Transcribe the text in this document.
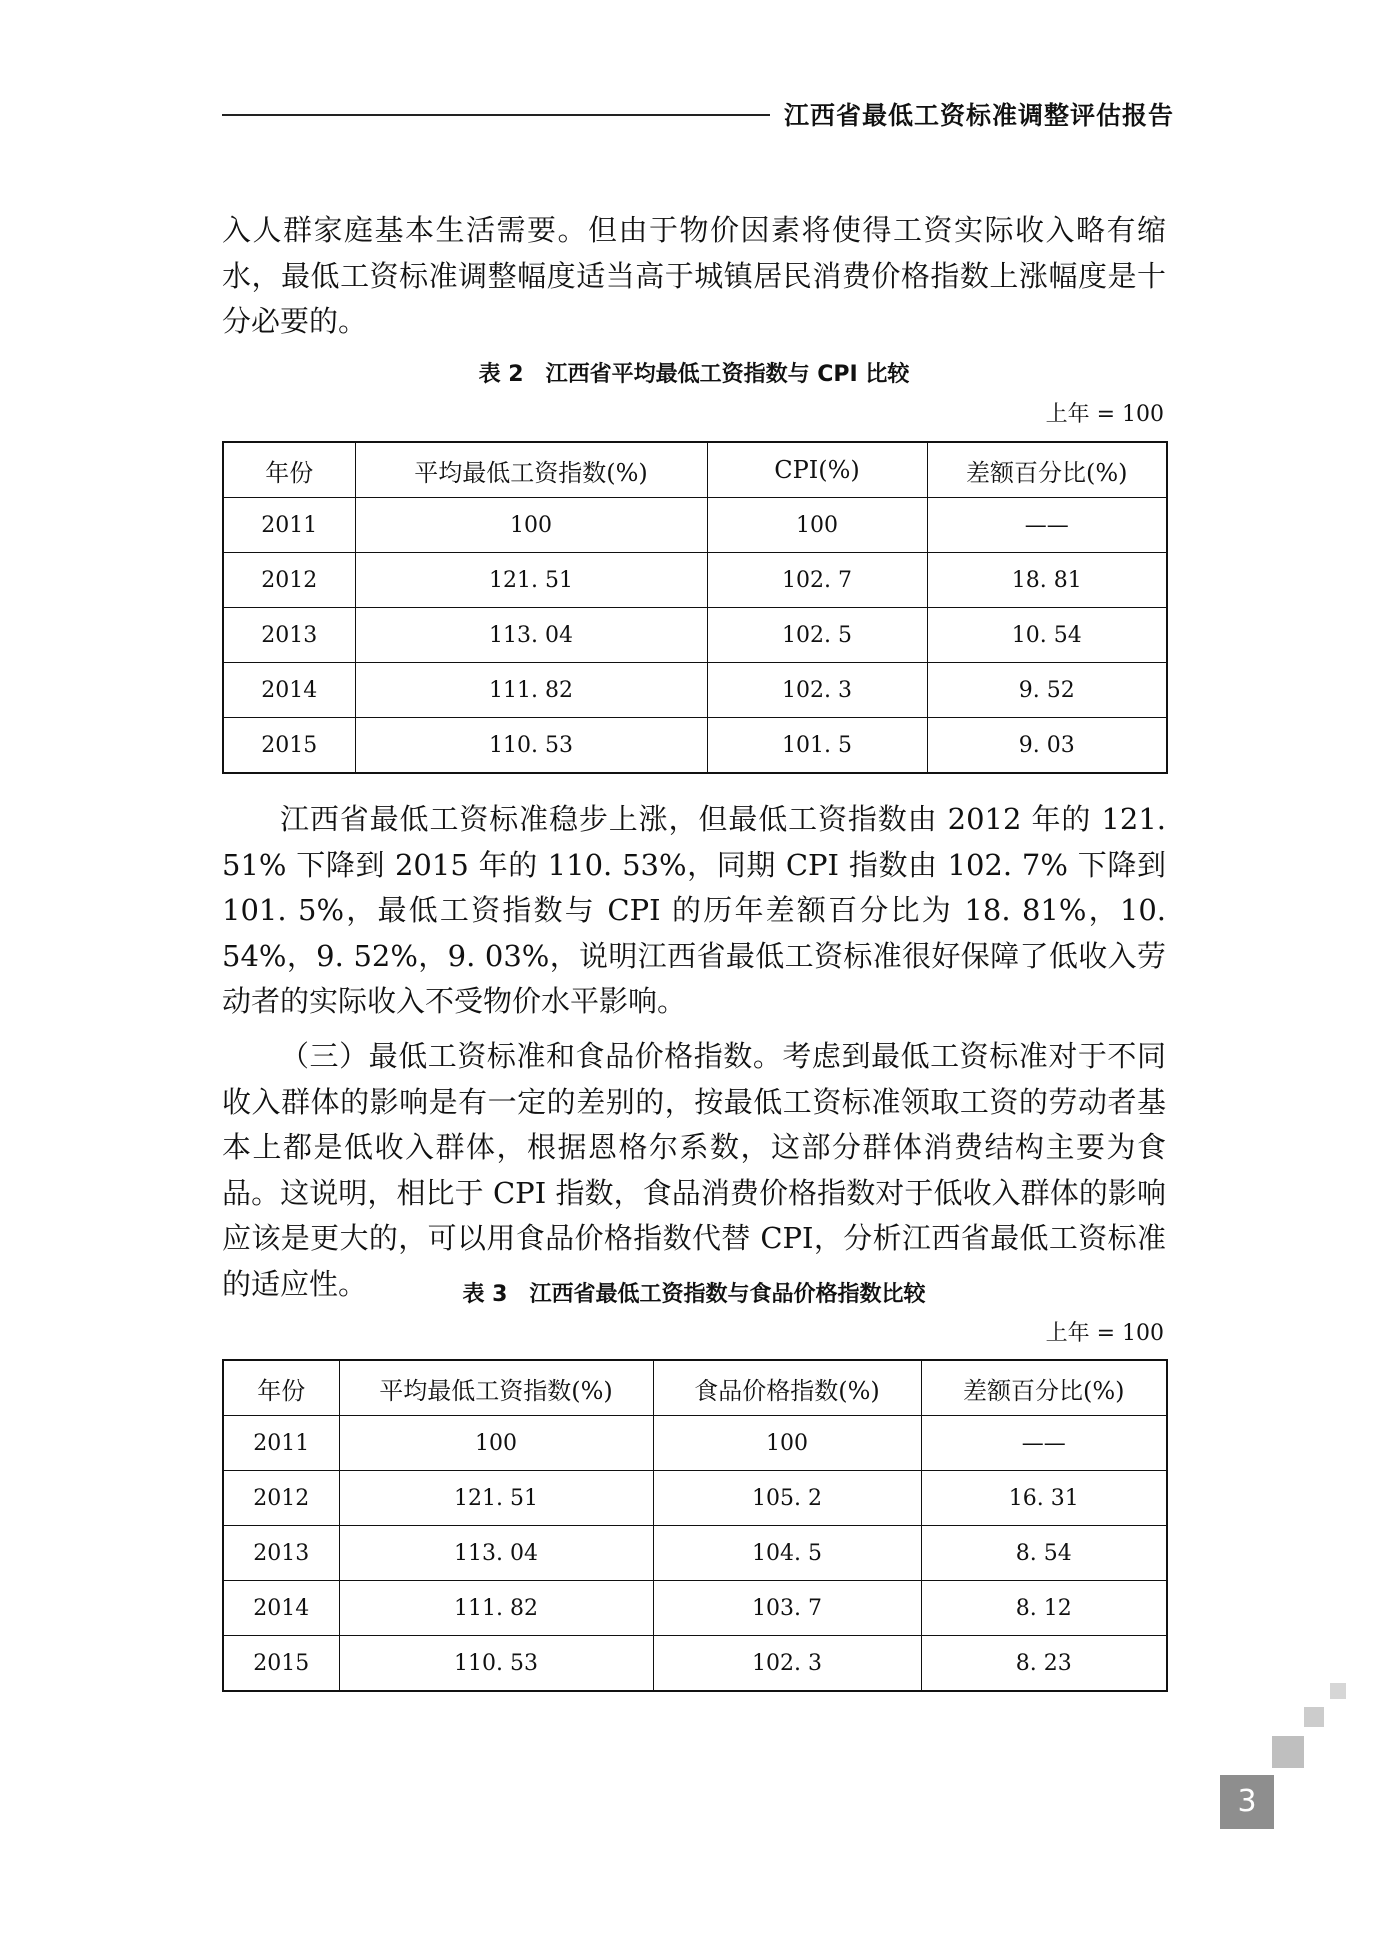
江西省最低工资标准调整评估报告

入人群家庭基本生活需要。但由于物价因素将使得工资实际收入略有缩水，最低工资标准调整幅度适当高于城镇居民消费价格指数上涨幅度是十分必要的。

表 2 江西省平均最低工资指数与 CPI 比较

上年 = 100

年份	平均最低工资指数(%)	CPI(%)	差额百分比(%)
2011	100	100	——
2012	121. 51	102. 7	18. 81
2013	113. 04	102. 5	10. 54
2014	111. 82	102. 3	9. 52
2015	110. 53	101. 5	9. 03

江西省最低工资标准稳步上涨，但最低工资指数由 2012 年的 121. 51% 下降到 2015 年的 110. 53%，同期 CPI 指数由 102. 7% 下降到 101. 5%，最低工资指数与 CPI 的历年差额百分比为 18. 81%，10. 54%，9. 52%，9. 03%，说明江西省最低工资标准很好保障了低收入劳动者的实际收入不受物价水平影响。

（三）最低工资标准和食品价格指数。考虑到最低工资标准对于不同收入群体的影响是有一定的差别的，按最低工资标准领取工资的劳动者基本上都是低收入群体，根据恩格尔系数，这部分群体消费结构主要为食品。这说明，相比于 CPI 指数，食品消费价格指数对于低收入群体的影响应该是更大的，可以用食品价格指数代替 CPI，分析江西省最低工资标准的适应性。	表 3 江西省最低工资指数与食品价格指数比较

上年 = 100

年份	平均最低工资指数(%)	食品价格指数(%)	差额百分比(%)
2011	100	100	——
2012	121. 51	105. 2	16. 31
2013	113. 04	104. 5	8. 54
2014	111. 82	103. 7	8. 12
2015	110. 53	102. 3	8. 23
3
